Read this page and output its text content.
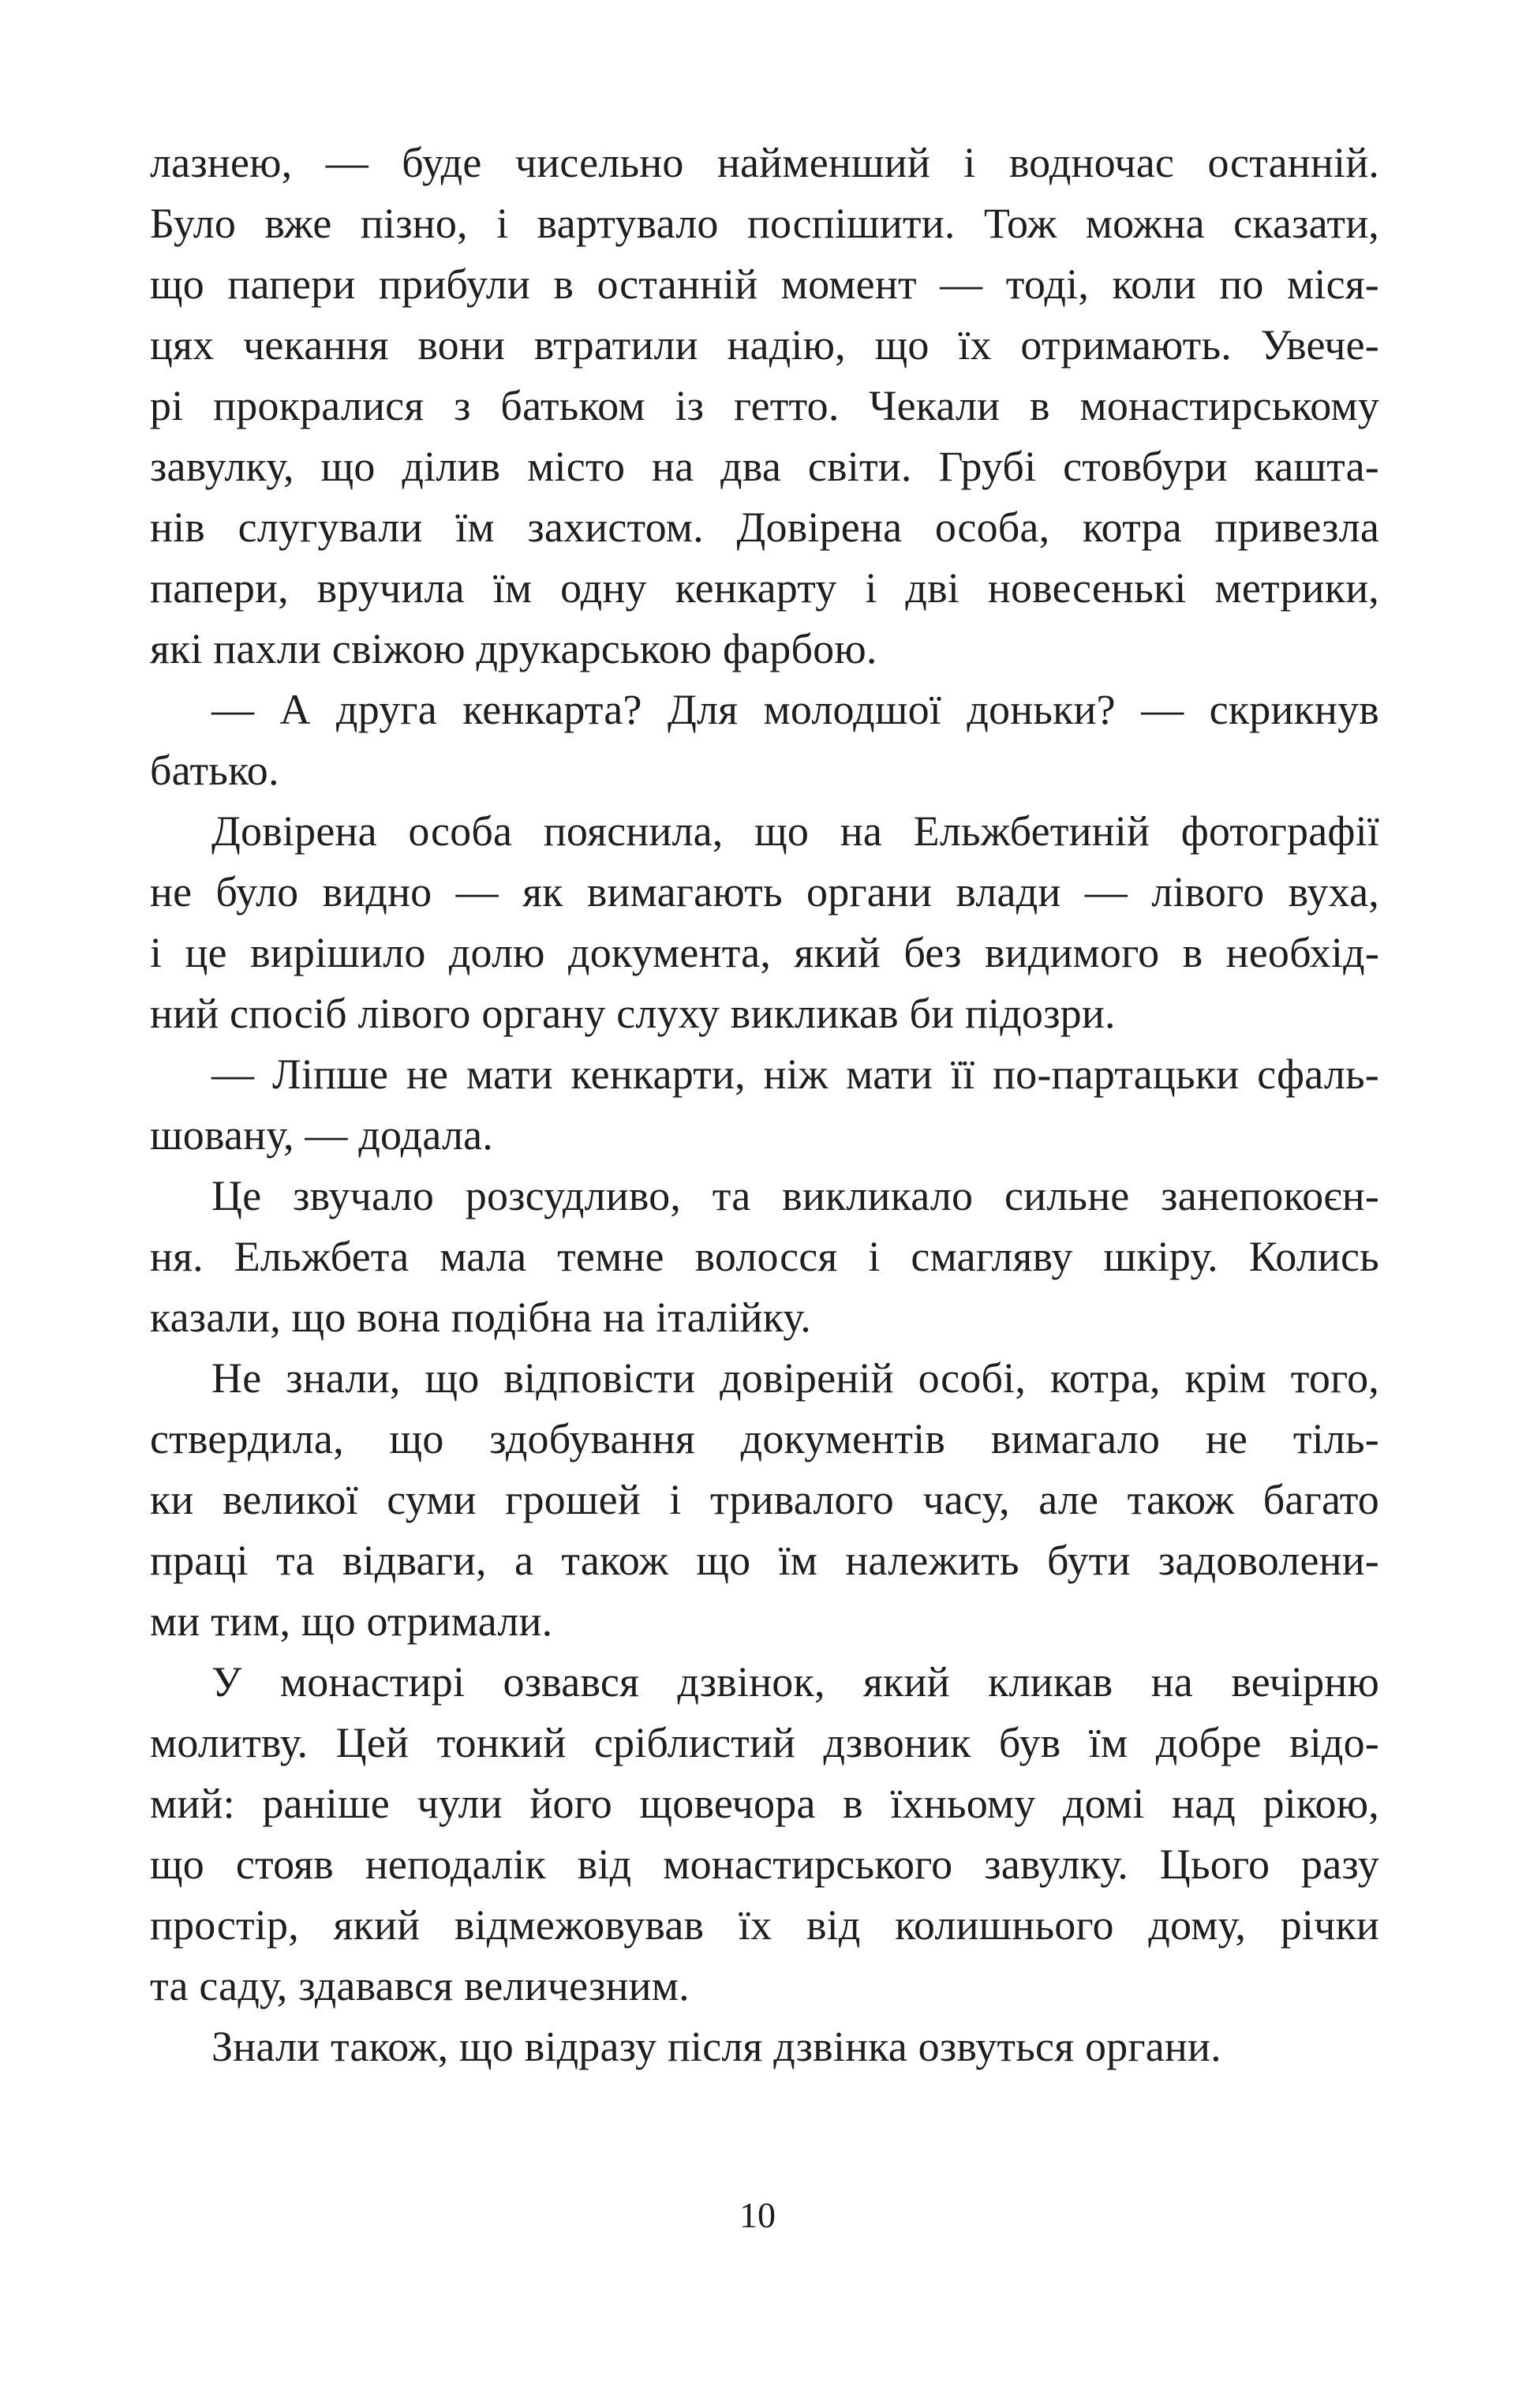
лазнею, — буде чисельно найменший і водночас останній.
Було вже пізно, і вартувало поспішити. Тож можна сказати,
що папери прибули в останній момент — тоді, коли по міся-
цях чекання вони втратили надію, що їх отримають. Увече-
рі прокралися з батьком із гетто. Чекали в монастирському
завулку, що ділив місто на два світи. Грубі стовбури кашта-
нів слугували їм захистом. Довірена особа, котра привезла
папери, вручила їм одну кенкарту і дві новесенькі метрики,
які пахли свіжою друкарською фарбою.
— А друга кенкарта? Для молодшої доньки? — скрикнув
батько.
Довірена особа пояснила, що на Ельжбетиній фотографії
не було видно — як вимагають органи влади — лівого вуха,
і це вирішило долю документа, який без видимого в необхід-
ний спосіб лівого органу слуху викликав би підозри.
— Ліпше не мати кенкарти, ніж мати її по-партацьки сфаль-
шовану, — додала.
Це звучало розсудливо, та викликало сильне занепокоєн-
ня. Ельжбета мала темне волосся і смагляву шкіру. Колись
казали, що вона подібна на італійку.
Не знали, що відповісти довіреній особі, котра, крім того,
ствердила, що здобування документів вимагало не тіль-
ки великої суми грошей і тривалого часу, але також багато
праці та відваги, а також що їм належить бути задоволени-
ми тим, що отримали.
У монастирі озвався дзвінок, який кликав на вечірню
молитву. Цей тонкий сріблистий дзвоник був їм добре відо-
мий: раніше чули його щовечора в їхньому домі над рікою,
що стояв неподалік від монастирського завулку. Цього разу
простір, який відмежовував їх від колишнього дому, річки
та саду, здавався величезним.
Знали також, що відразу після дзвінка озвуться органи.
10
